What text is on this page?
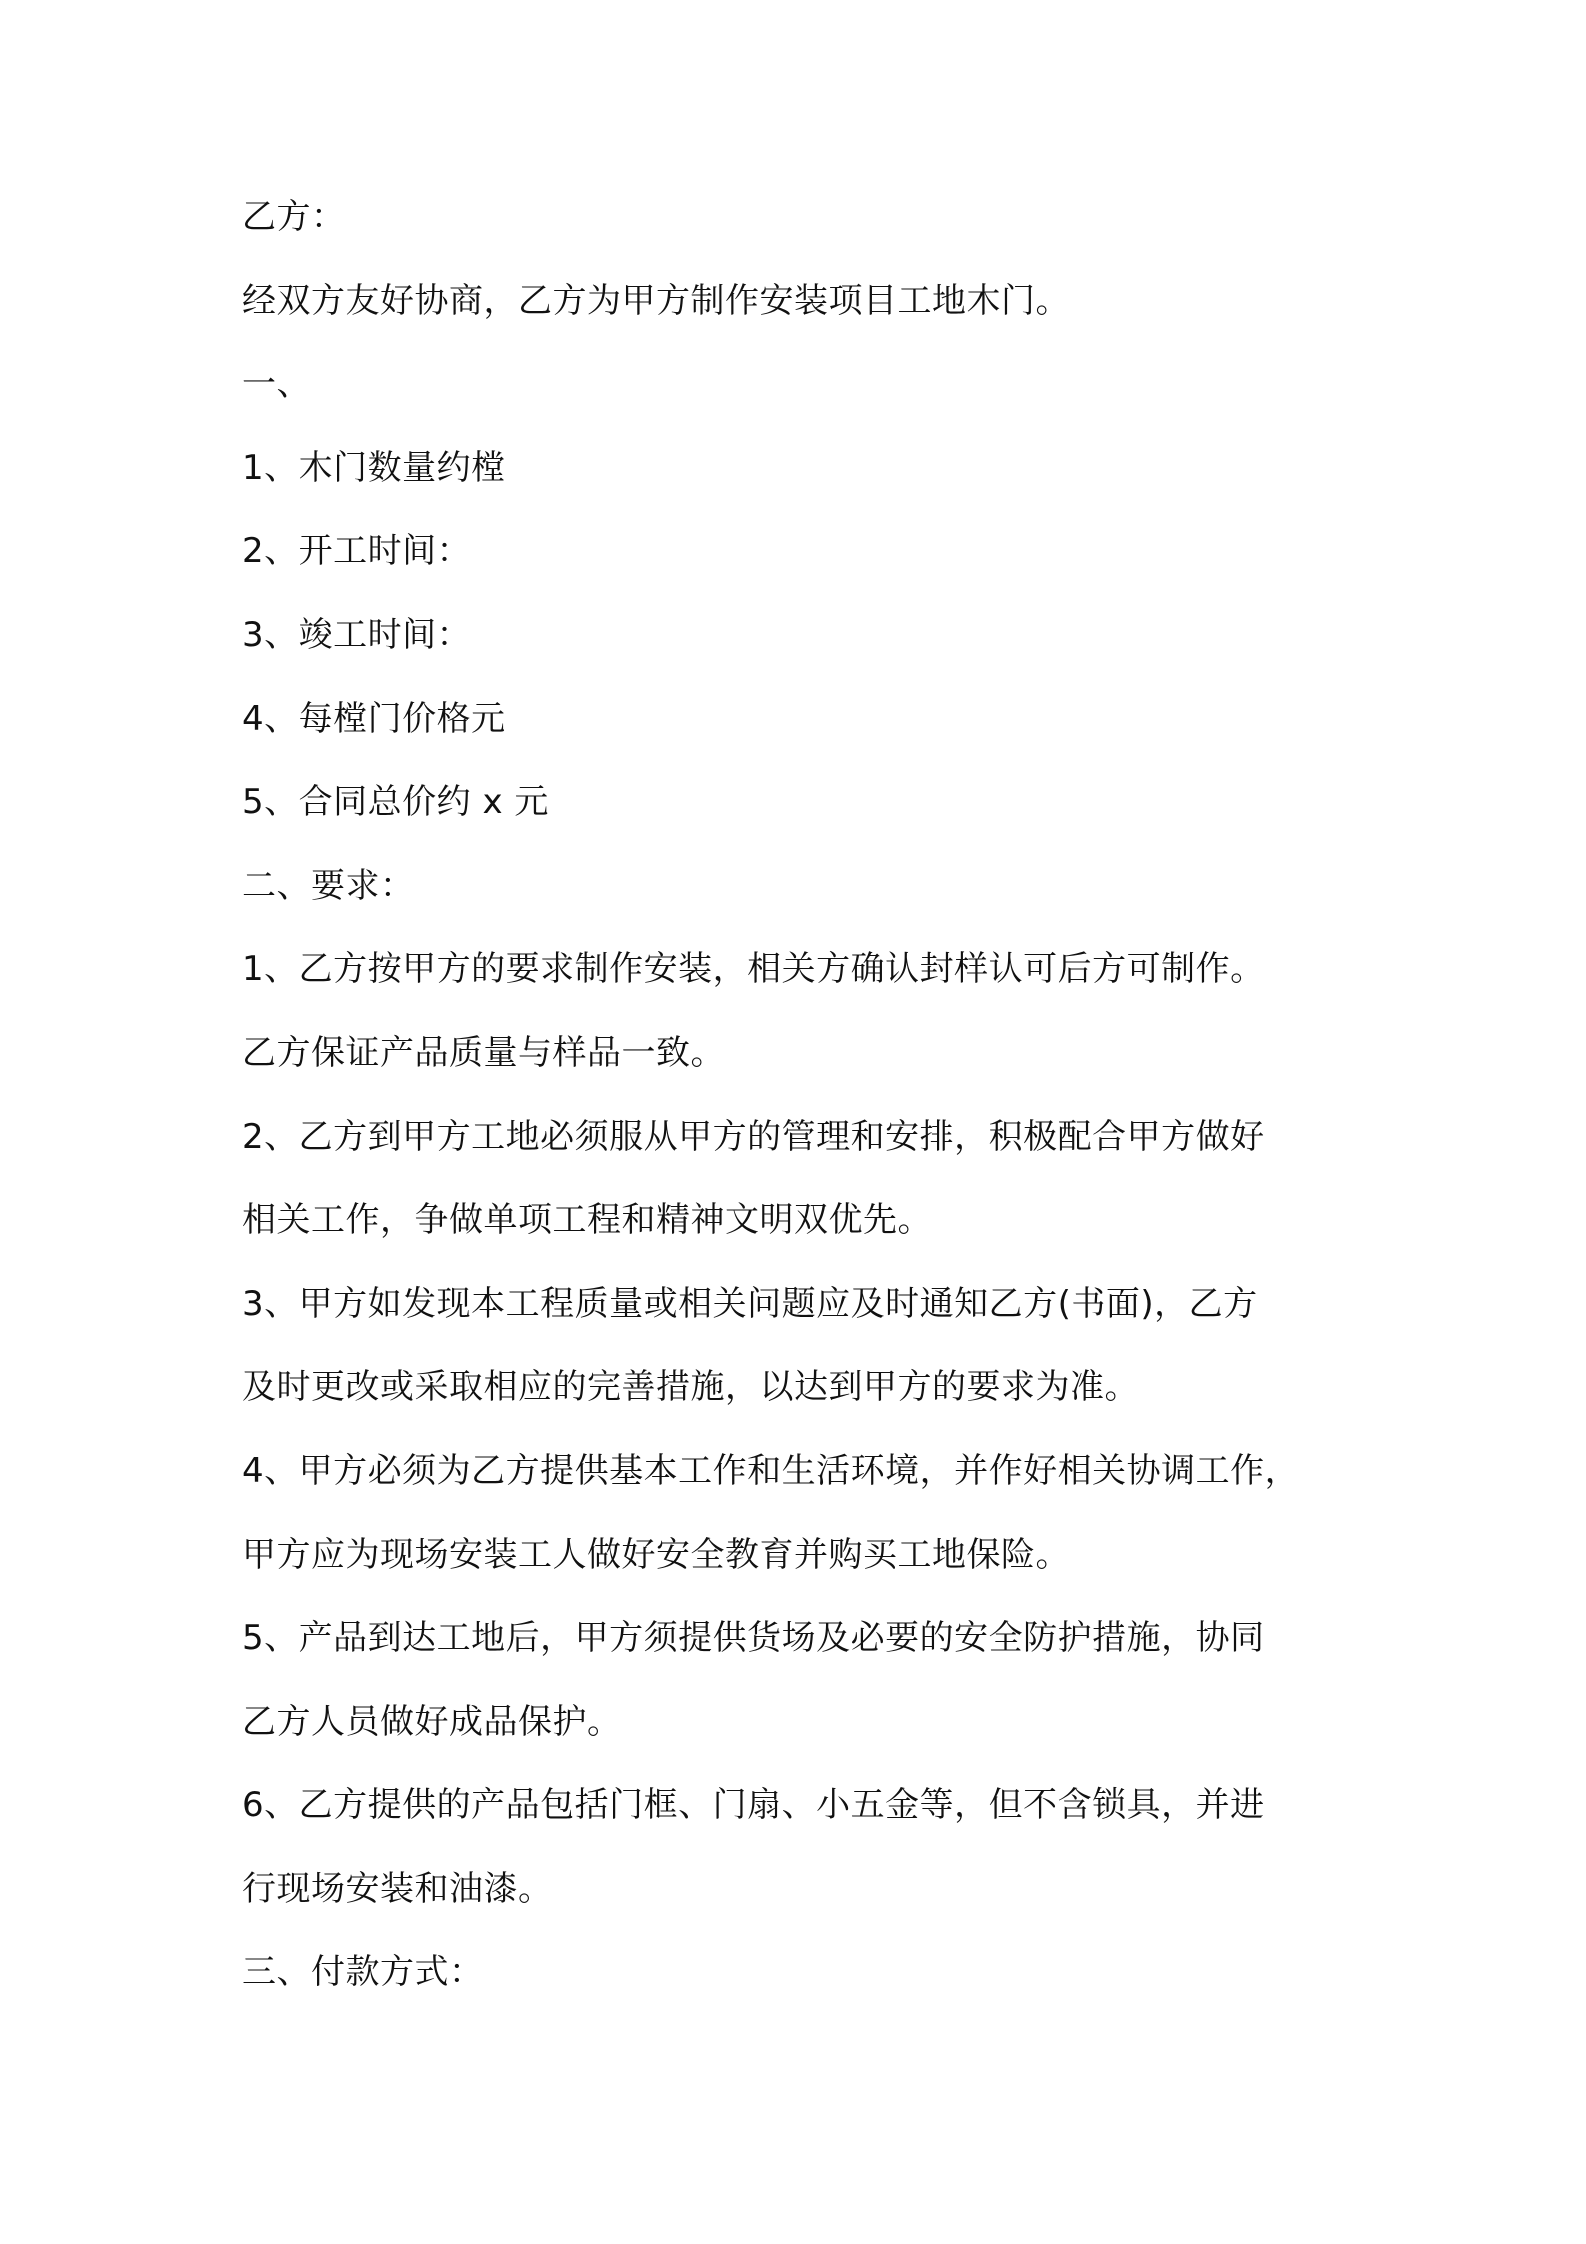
乙方：
经双方友好协商，乙方为甲方制作安装项目工地木门。
一、
1、木门数量约樘
2、开工时间：
3、竣工时间：
4、每樘门价格元
5、合同总价约 x 元
二、要求：
1、乙方按甲方的要求制作安装，相关方确认封样认可后方可制作。
乙方保证产品质量与样品一致。
2、乙方到甲方工地必须服从甲方的管理和安排，积极配合甲方做好
相关工作，争做单项工程和精神文明双优先。
3、甲方如发现本工程质量或相关问题应及时通知乙方(书面)，乙方
及时更改或采取相应的完善措施，以达到甲方的要求为准。
4、甲方必须为乙方提供基本工作和生活环境，并作好相关协调工作，
甲方应为现场安装工人做好安全教育并购买工地保险。
5、产品到达工地后，甲方须提供货场及必要的安全防护措施，协同
乙方人员做好成品保护。
6、乙方提供的产品包括门框、门扇、小五金等，但不含锁具，并进
行现场安装和油漆。
三、付款方式：
